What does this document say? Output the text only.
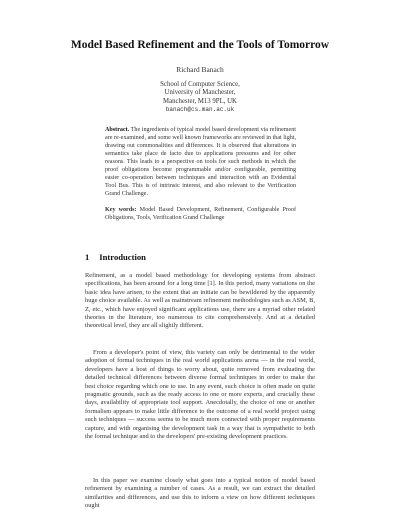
Model Based Refinement and the Tools of Tomorrow
Richard Banach
School of Computer Science,
University of Manchester,
Manchester, M13 9PL, UK
banach@cs.man.ac.uk
Abstract. The ingredients of typical model based development via refinement are re-examined, and some well known frameworks are reviewed in that light, drawing out commonalities and differences. It is observed that alterations in semantics take place de facto due to applications pressures and for other reasons. This leads to a perspective on tools for such methods in which the proof obligations become programmable and/or configurable, permitting easier co-operation between techniques and interaction with an Evidential Tool Bus. This is of intrinsic interest, and also relevant to the Verification Grand Challenge.
Key words: Model Based Development, Refinement, Configurable Proof Obligations, Tools, Verification Grand Challenge
1 Introduction
Refinement, as a model based methodology for developing systems from abstract specifications, has been around for a long time [1]. In this period, many variations on the basic idea have arisen, to the extent that an initiate can be bewildered by the apparently huge choice available. As well as mainstream refinement methodologies such as ASM, B, Z, etc., which have enjoyed significant applications use, there are a myriad other related theories in the literature, too numerous to cite comprehensively. And at a detailed theoretical level, they are all slightly different.
From a developer's point of view, this variety can only be detrimental to the wider adoption of formal techniques in the real world applications arena — in the real world, developers have a host of things to worry about, quite removed from evaluating the detailed technical differences between diverse formal techniques in order to make the best choice regarding which one to use. In any event, such choice is often made on quite pragmatic grounds, such as the ready access to one or more experts, and crucially these days, availability of appropriate tool support. Anecdotally, the choice of one or another formalism appears to make little difference to the outcome of a real world project using such techniques — success seems to be much more connected with proper requirements capture, and with organising the development task in a way that is sympathetic to both the formal technique and to the developers' pre-existing development practices.
In this paper we examine closely what goes into a typical notion of model based refinement by examining a number of cases. As a result, we can extract the detailed similarities and differences, and use this to inform a view on how different techniques ought
